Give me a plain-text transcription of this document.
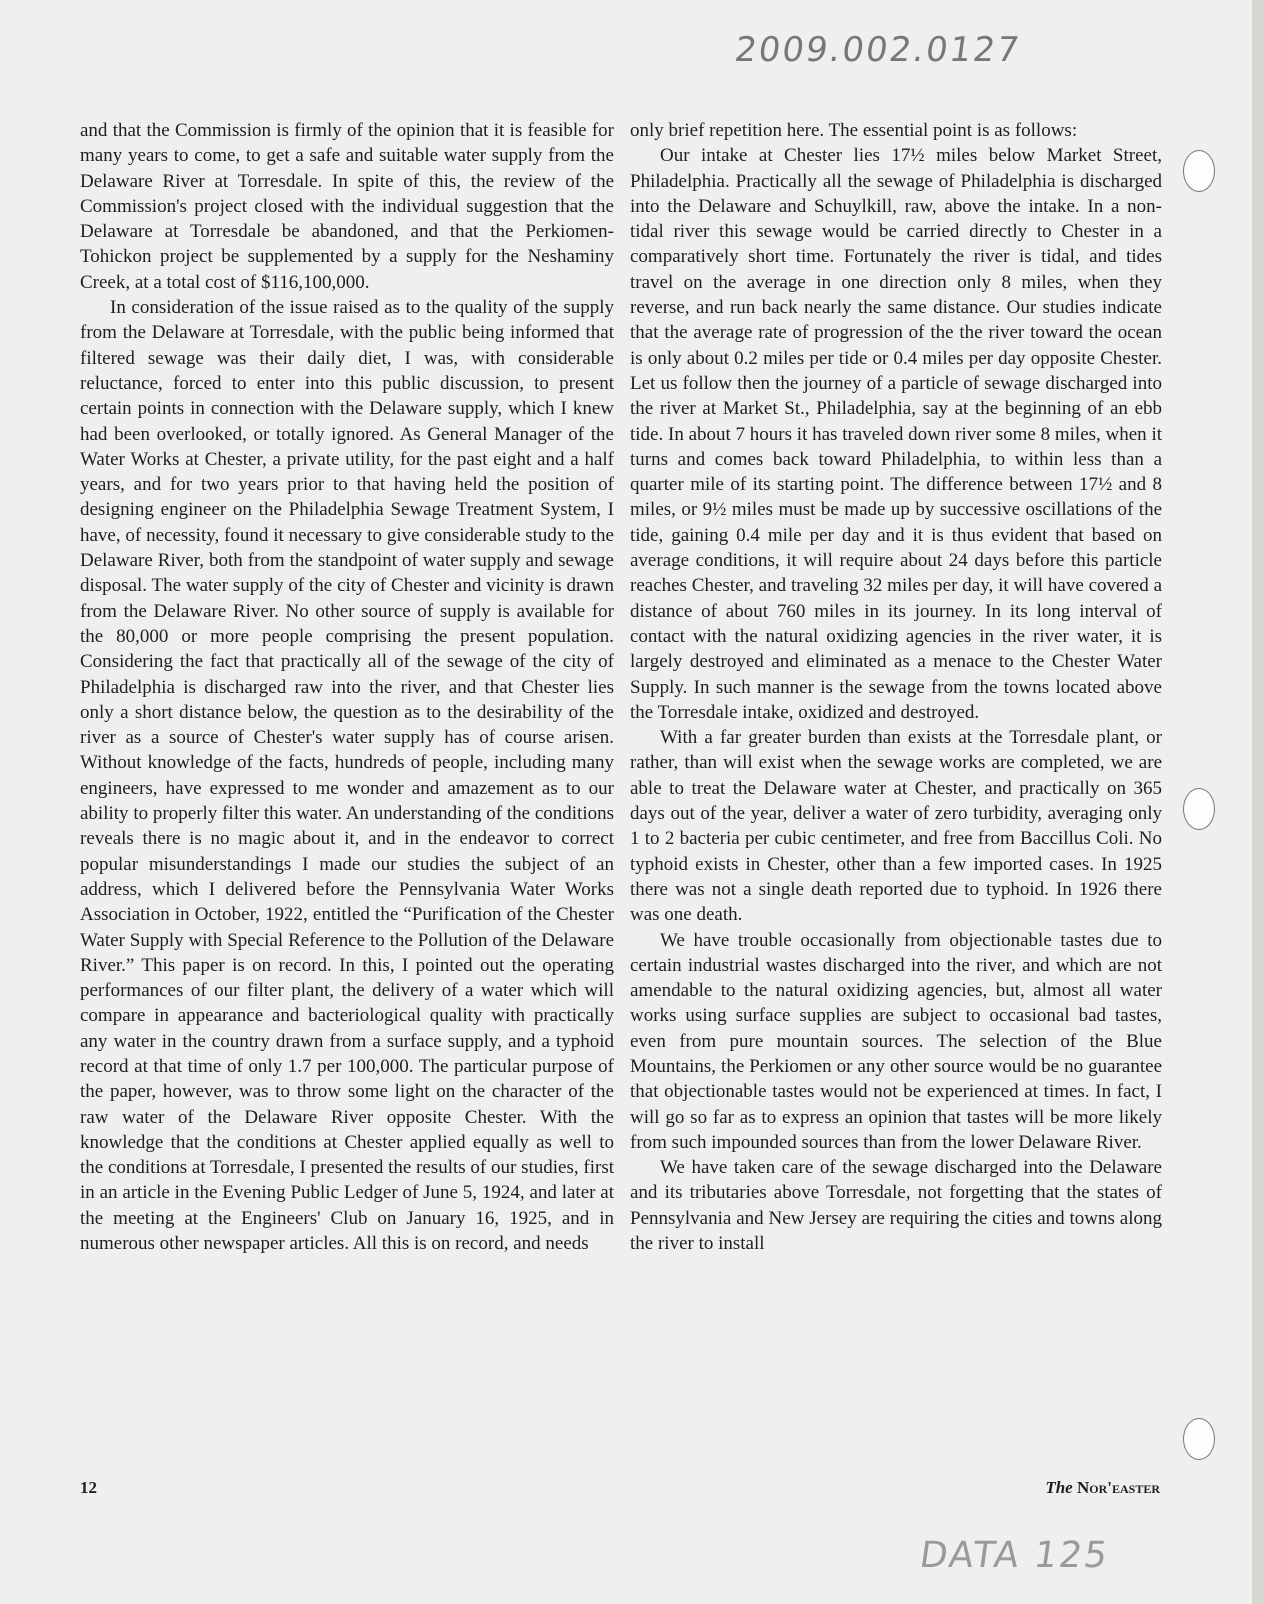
2009.002.0127

and that the Commission is firmly of the opinion that it is feasible for many years to come, to get a safe and suitable water supply from the Delaware River at Torresdale. In spite of this, the review of the Commission's project closed with the individual suggestion that the Delaware at Torresdale be abandoned, and that the Perkiomen-Tohickon project be supplemented by a supply for the Neshaminy Creek, at a total cost of $116,100,000.

In consideration of the issue raised as to the quality of the supply from the Delaware at Torresdale, with the public being informed that filtered sewage was their daily diet, I was, with considerable reluctance, forced to enter into this public discussion, to present certain points in connection with the Delaware supply, which I knew had been overlooked, or totally ignored. As General Manager of the Water Works at Chester, a private utility, for the past eight and a half years, and for two years prior to that having held the position of designing engineer on the Philadelphia Sewage Treatment System, I have, of necessity, found it necessary to give considerable study to the Delaware River, both from the standpoint of water supply and sewage disposal. The water supply of the city of Chester and vicinity is drawn from the Delaware River. No other source of supply is available for the 80,000 or more people comprising the present population. Considering the fact that practically all of the sewage of the city of Philadelphia is discharged raw into the river, and that Chester lies only a short distance below, the question as to the desirability of the river as a source of Chester's water supply has of course arisen. Without knowledge of the facts, hundreds of people, including many engineers, have expressed to me wonder and amazement as to our ability to properly filter this water. An understanding of the conditions reveals there is no magic about it, and in the endeavor to correct popular misunderstandings I made our studies the subject of an address, which I delivered before the Pennsylvania Water Works Association in October, 1922, entitled the “Purification of the Chester Water Supply with Special Reference to the Pollution of the Delaware River.” This paper is on record. In this, I pointed out the operating performances of our filter plant, the delivery of a water which will compare in appearance and bacteriological quality with practically any water in the country drawn from a surface supply, and a typhoid record at that time of only 1.7 per 100,000. The particular purpose of the paper, however, was to throw some light on the character of the raw water of the Delaware River opposite Chester. With the knowledge that the conditions at Chester applied equally as well to the conditions at Torresdale, I presented the results of our studies, first in an article in the Evening Public Ledger of June 5, 1924, and later at the meeting at the Engineers' Club on January 16, 1925, and in numerous other newspaper articles. All this is on record, and needs

only brief repetition here. The essential point is as follows:

Our intake at Chester lies 17½ miles below Market Street, Philadelphia. Practically all the sewage of Philadelphia is discharged into the Delaware and Schuylkill, raw, above the intake. In a non-tidal river this sewage would be carried directly to Chester in a comparatively short time. Fortunately the river is tidal, and tides travel on the average in one direction only 8 miles, when they reverse, and run back nearly the same distance. Our studies indicate that the average rate of progression of the the river toward the ocean is only about 0.2 miles per tide or 0.4 miles per day opposite Chester. Let us follow then the journey of a particle of sewage discharged into the river at Market St., Philadelphia, say at the beginning of an ebb tide. In about 7 hours it has traveled down river some 8 miles, when it turns and comes back toward Philadelphia, to within less than a quarter mile of its starting point. The difference between 17½ and 8 miles, or 9½ miles must be made up by successive oscillations of the tide, gaining 0.4 mile per day and it is thus evident that based on average conditions, it will require about 24 days before this particle reaches Chester, and traveling 32 miles per day, it will have covered a distance of about 760 miles in its journey. In its long interval of contact with the natural oxidizing agencies in the river water, it is largely destroyed and eliminated as a menace to the Chester Water Supply. In such manner is the sewage from the towns located above the Torresdale intake, oxidized and destroyed.

With a far greater burden than exists at the Torresdale plant, or rather, than will exist when the sewage works are completed, we are able to treat the Delaware water at Chester, and practically on 365 days out of the year, deliver a water of zero turbidity, averaging only 1 to 2 bacteria per cubic centimeter, and free from Baccillus Coli. No typhoid exists in Chester, other than a few imported cases. In 1925 there was not a single death reported due to typhoid. In 1926 there was one death.

We have trouble occasionally from objectionable tastes due to certain industrial wastes discharged into the river, and which are not amendable to the natural oxidizing agencies, but, almost all water works using surface supplies are subject to occasional bad tastes, even from pure mountain sources. The selection of the Blue Mountains, the Perkiomen or any other source would be no guarantee that objectionable tastes would not be experienced at times. In fact, I will go so far as to express an opinion that tastes will be more likely from such impounded sources than from the lower Delaware River.

We have taken care of the sewage discharged into the Delaware and its tributaries above Torresdale, not forgetting that the states of Pennsylvania and New Jersey are requiring the cities and towns along the river to install

12	The Nor'easter
DATA 125
